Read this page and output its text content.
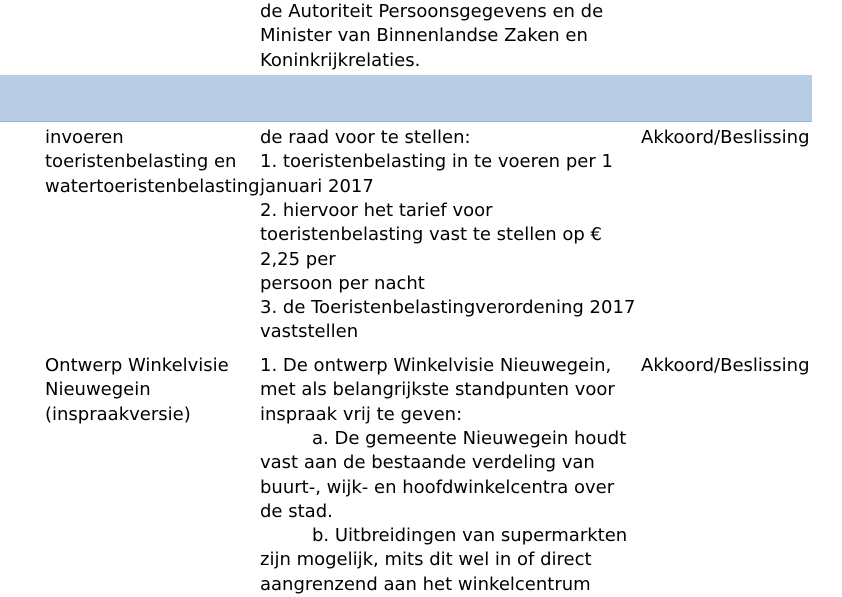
de Autoriteit Persoonsgegevens en de
Minister van Binnenlandse Zaken en
Koninkrijkrelaties.
invoeren
toeristenbelasting en
watertoeristenbelasting
de raad voor te stellen:
1. toeristenbelasting in te voeren per 1
januari 2017
2. hiervoor het tarief voor
toeristenbelasting vast te stellen op €
2,25 per
persoon per nacht
3. de Toeristenbelastingverordening 2017
vaststellen
Akkoord/Beslissing
Ontwerp Winkelvisie
Nieuwegein
(inspraakversie)
1. De ontwerp Winkelvisie Nieuwegein,
met als belangrijkste standpunten voor
inspraak vrij te geven:
a. De gemeente Nieuwegein houdt
vast aan de bestaande verdeling van
buurt-, wijk- en hoofdwinkelcentra over
de stad.
b. Uitbreidingen van supermarkten
zijn mogelijk, mits dit wel in of direct
aangrenzend aan het winkelcentrum
Akkoord/Beslissing
